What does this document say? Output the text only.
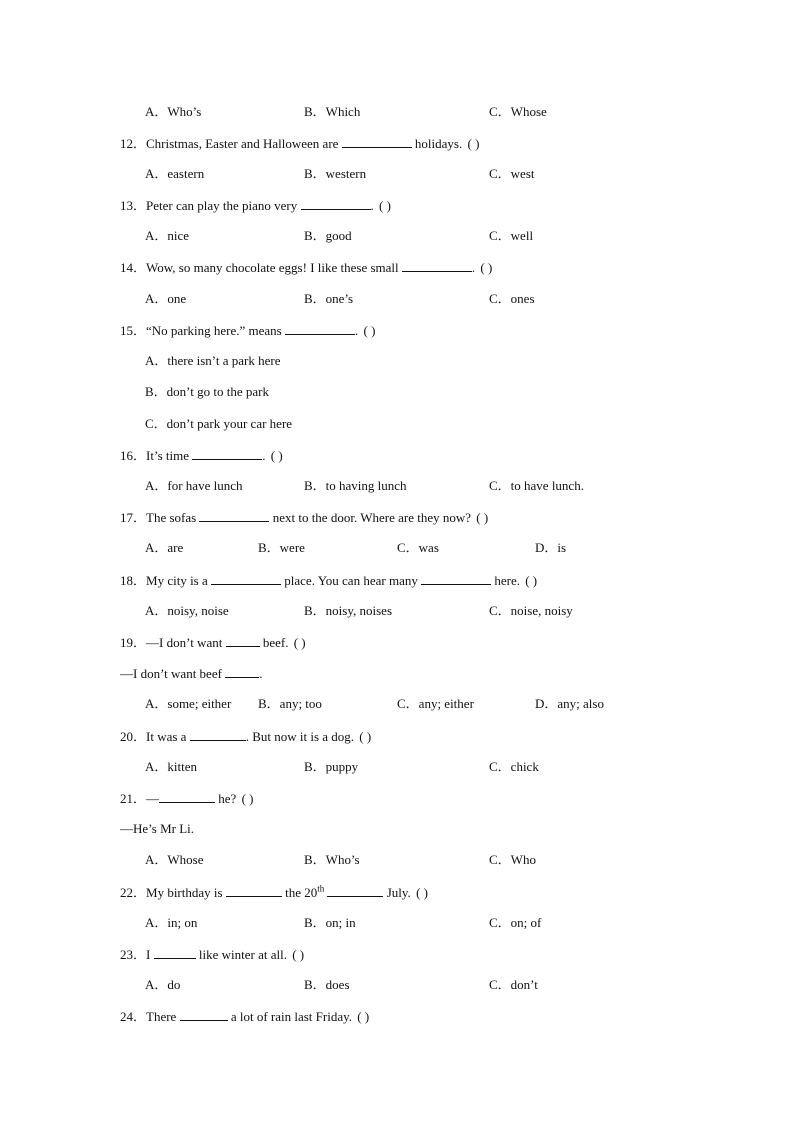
A．Who’s	B．Which	C．Whose
12．Christmas, Easter and Halloween are	holidays. ( )
A．eastern	B．western	C．west
13．Peter can play the piano very	. ( )
A．nice	B．good	C．well
14．Wow, so many chocolate eggs! I like these small	. ( )
A．one	B．one’s	C．ones
15．“No parking here.” means	. ( )
A．there isn’t a park here
B．don’t go to the park
C．don’t park your car here
16．It’s time	. ( )
A．for have lunch	B．to having lunch	C．to have lunch.
17．The sofas	next to the door. Where are they now? ( )
A．are	B．were	C．was	D．is
18．My city is a	place. You can hear many	here. ( )
A．noisy, noise	B．noisy, noises	C．noise, noisy
19．—I don’t want	beef. ( )
—I don’t want beef	.
A．some; either B．any; too	C．any; either	D．any; also
20．It was a	. But now it is a dog. ( )
A．kitten	B．puppy	C．chick
21．—	he? ( )
—He’s Mr Li.
A．Whose	B．Who’s	C．Who
22．My birthday is	the 20th	July. ( )
A．in; on	B．on; in	C．on; of
23．I	like winter at all. ( )
A．do	B．does	C．don’t
24．There	a lot of rain last Friday. ( )
